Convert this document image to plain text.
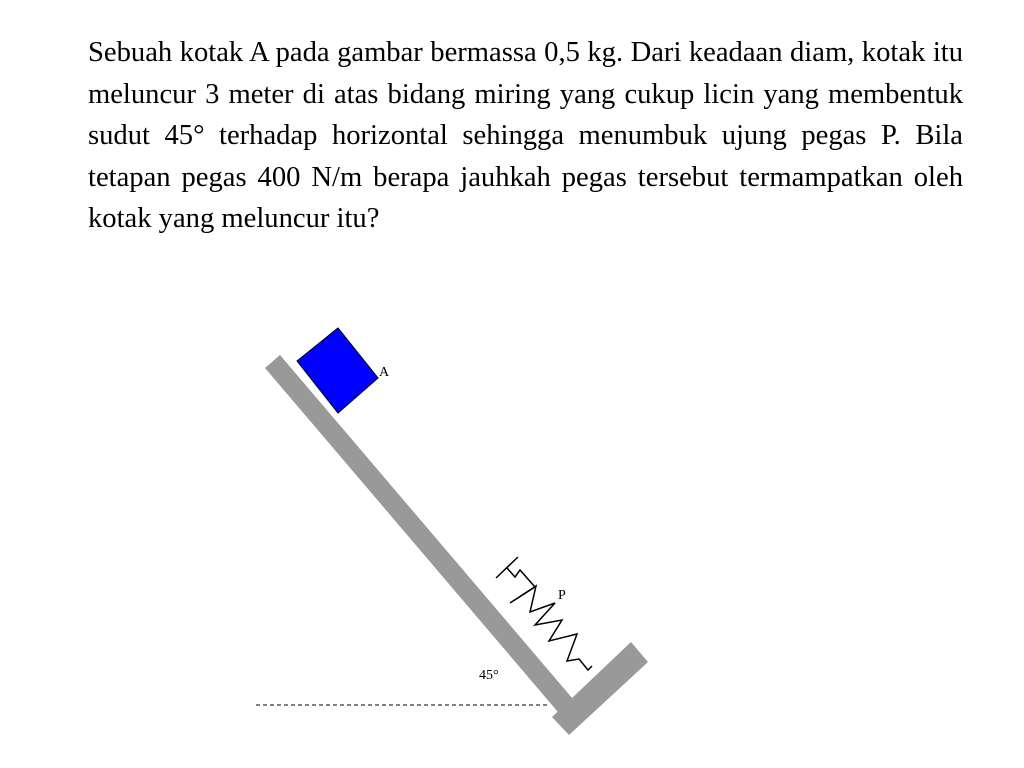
Sebuah kotak A pada gambar bermassa 0,5 kg. Dari keadaan diam, kotak itu meluncur 3 meter di atas bidang miring yang cukup licin yang membentuk sudut 45° terhadap horizontal sehingga menumbuk ujung pegas P. Bila tetapan pegas 400 N/m berapa jauhkah pegas tersebut termampatkan oleh kotak yang meluncur itu?

A
P
45°
